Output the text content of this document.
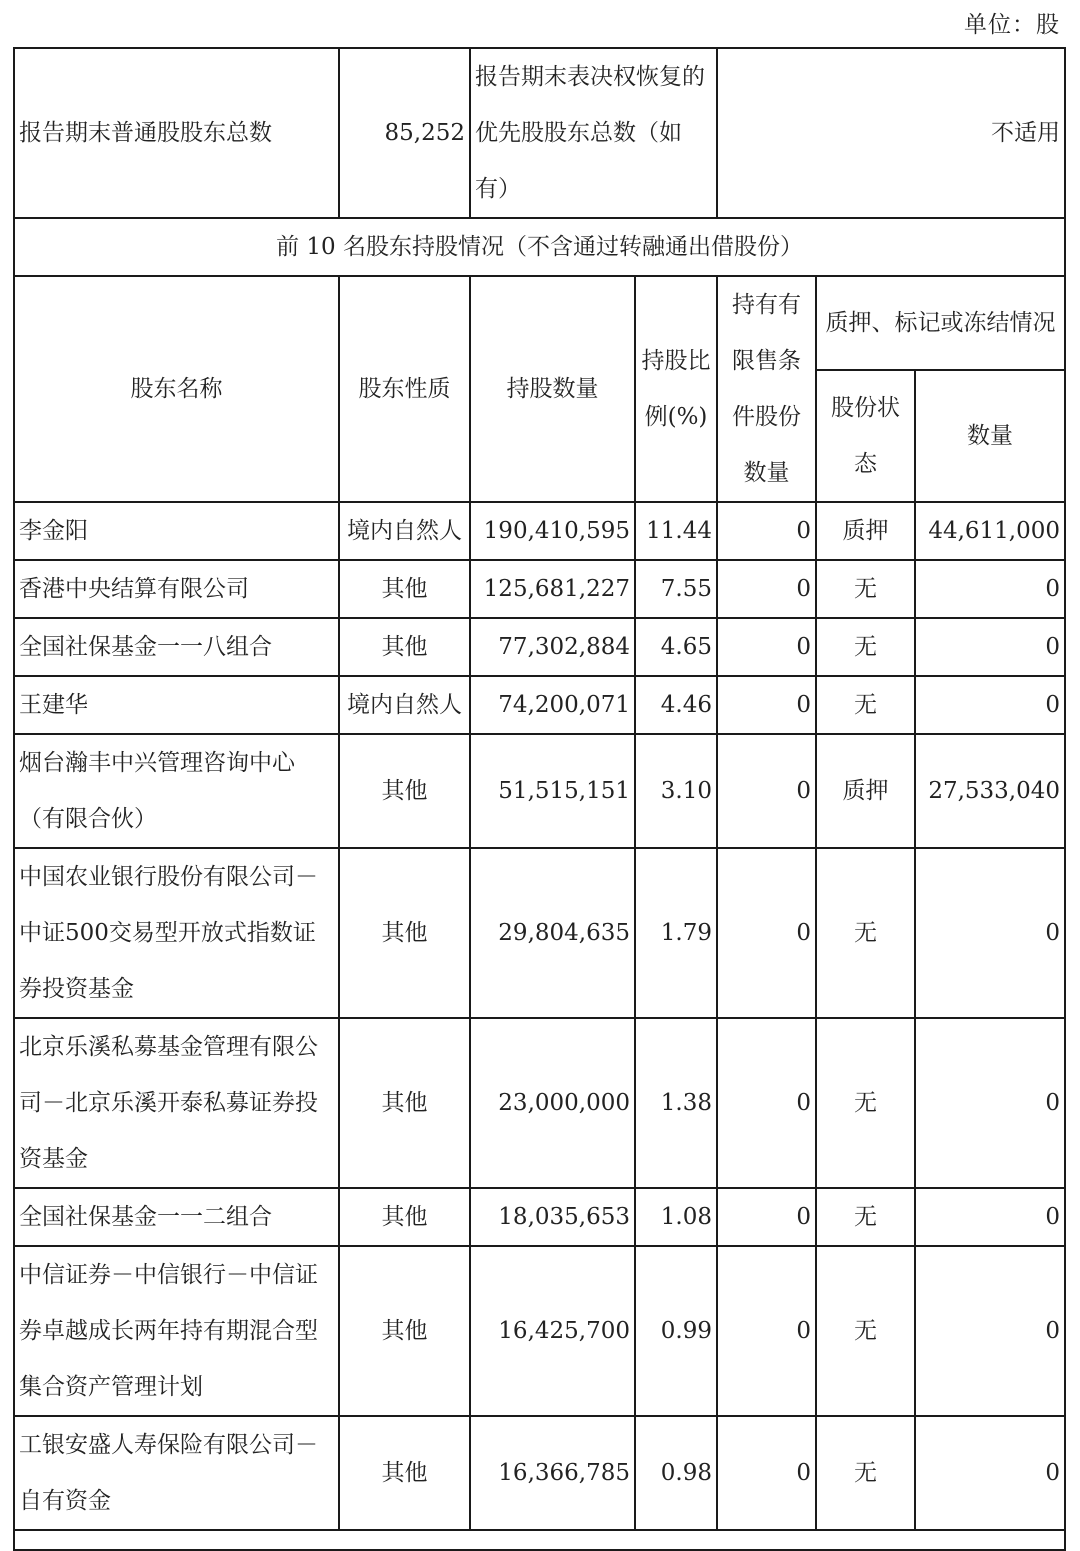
单位：股
报告期末普通股股东总数	85,252	报告期末表决权恢复的优先股股东总数（如有）		不适用		
前 10 名股东持股情况（不含通过转融通出借股份）						
股东名称	股东性质	持股数量	持股比例(%)	持有有限售条件股份数量	质押、标记或冻结情况	
					股份状态	数量
李金阳	境内自然人	190,410,595	11.44	0	质押	44,611,000
香港中央结算有限公司	其他	125,681,227	7.55	0	无	0
全国社保基金一一八组合	其他	77,302,884	4.65	0	无	0
王建华	境内自然人	74,200,071	4.46	0	无	0
烟台瀚丰中兴管理咨询中心（有限合伙）	其他	51,515,151	3.10	0	质押	27,533,040
中国农业银行股份有限公司－中证500交易型开放式指数证券投资基金	其他	29,804,635	1.79	0	无	0
北京乐溪私募基金管理有限公司－北京乐溪开泰私募证券投资基金	其他	23,000,000	1.38	0	无	0
全国社保基金一一二组合	其他	18,035,653	1.08	0	无	0
中信证券－中信银行－中信证券卓越成长两年持有期混合型集合资产管理计划	其他	16,425,700	0.99	0	无	0
工银安盛人寿保险有限公司－自有资金	其他	16,366,785	0.98	0	无	0
